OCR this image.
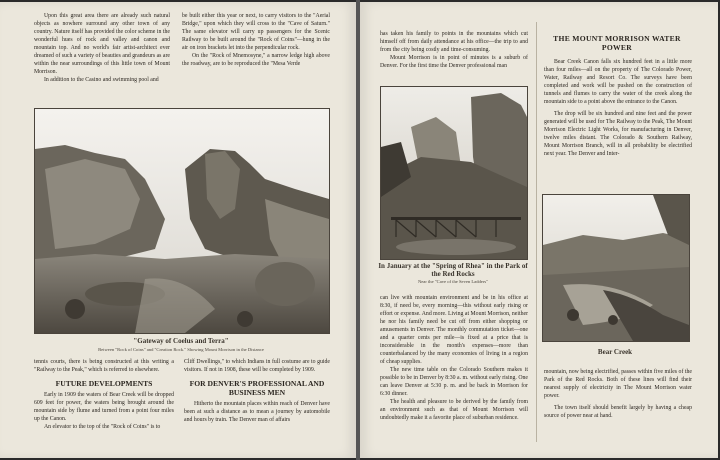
Upon this great area there are already such natural objects as nowhere surround any other town of any country. Nature itself has provided the color scheme in the wonderful hues of rock and valley and canon and mountain top. And no world's fair artist-architect ever dreamed of such a variety of beauties and grandeurs as are within the near surroundings of this little town of Mount Morrison.

In addition to the Casino and swimming pool and

be built either this year or next, to carry visitors to the "Aerial Bridge," upon which they will cross to the "Cave of Saturn." The same elevator will carry up passengers for the Scenic Railway to be built around the "Rock of Coins"—hung in the air on iron brackets let into the perpendicular rock.

On the "Rock of Mnemosyne," a narrow ledge high above the roadway, are to be reproduced the "Mesa Verde

"Gateway of Coelus and Terra"
Between "Rock of Coins" and "Creation Rock." Showing Mount Morrison in the Distance

tennis courts, there is being constructed at this writing a "Railway to the Peak," which is referred to elsewhere.

FUTURE DEVELOPMENTS

Early in 1909 the waters of Bear Creek will be dropped 609 feet for power, the waters being brought around the mountain side by flume and turned from a point four miles up the Canon.

An elevator to the top of the "Rock of Coins" is to

Cliff Dwellings," to which Indians in full costume are to guide visitors. If not in 1908, these will be completed by 1909.

FOR DENVER'S PROFESSIONAL AND BUSINESS MEN

Hitherto the mountain places within reach of Denver have been at such a distance as to mean a journey by automobile and hours by train. The Denver man of affairs

has taken his family to points in the mountains which cut himself off from daily attendance at his office—the trip to and from the city being costly and time-consuming.

Mount Morrison is in point of minutes is a suburb of Denver. For the first time the Denver professional man

In January at the "Spring of Rhea" in the Park of the Red Rocks
Near the "Cave of the Seven Ladders"

can live with mountain environment and be in his office at 8:30, if need be, every morning—this without early rising or effort or expense. And more. Living at Mount Morrison, neither he nor his family need be cut off from either shopping or amusements in Denver. The monthly commutation ticket—one and a quarter cents per mile—is fixed at a price that is inconsiderable in the month's expenses—more than counterbalanced by the many economies of living in a region of cheap supplies.

The new time table on the Colorado Southern makes it possible to be in Denver by 8:30 a. m. without early rising. One can leave Denver at 5:30 p. m. and be back in Morrison for 6:30 dinner.

The health and pleasure to be derived by the family from an environment such as that of Mount Morrison will undoubtedly make it a favorite place of suburban residence.

THE MOUNT MORRISON WATER POWER

Bear Creek Canon falls six hundred feet in a little more than four miles—all on the property of The Colorado Power, Water, Railway and Resort Co. The surveys have been completed and work will be pushed on the construction of tunnels and flumes to carry the water of the creek along the mountain side to a point above the entrance to the Canon.

The drop will be six hundred and nine feet and the power generated will be used for The Railway to the Peak, The Mount Morrison Electric Light Works, for manufacturing in Denver, twelve miles distant. The Colorado & Southern Railway, Mount Morrison Branch, will in all probability be electrified next year. The Denver and Inter-

Bear Creek

mountain, now being electrified, passes within five miles of the Park of the Red Rocks. Both of these lines will find their nearest supply of electricity in The Mount Morrison water power.

The town itself should benefit largely by having a cheap source of power near at hand.
